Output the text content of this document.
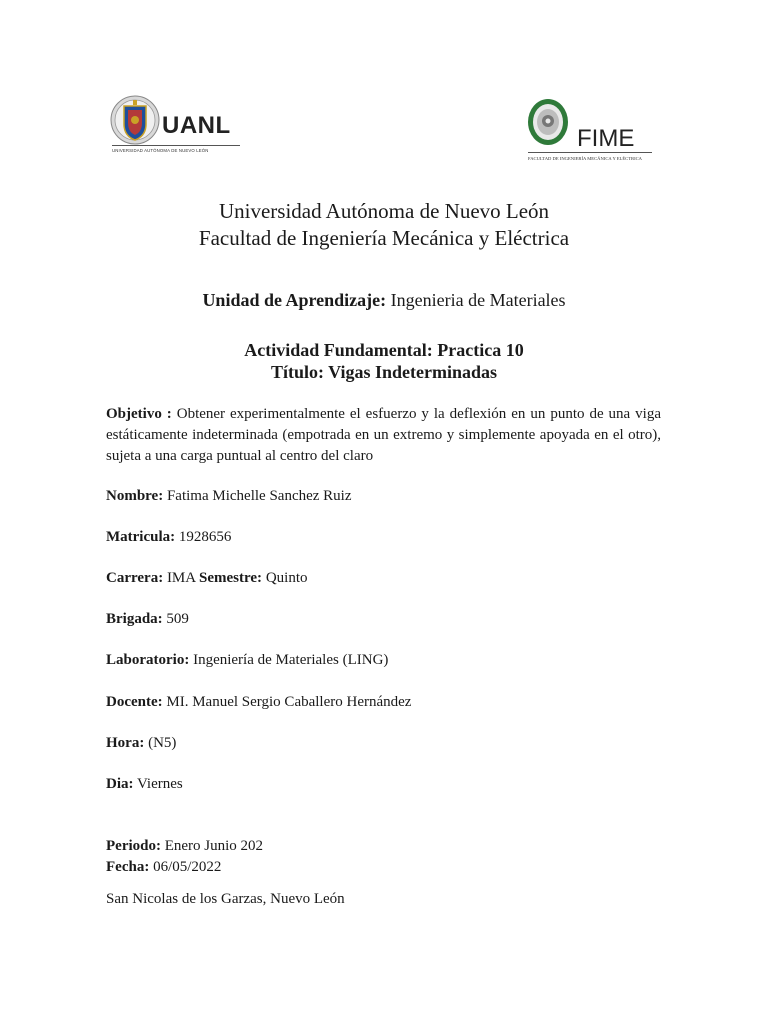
UANL
UNIVERSIDAD AUTÓNOMA DE NUEVO LEÓN	FIME
FACULTAD DE INGENIERÍA MECÁNICA Y ELÉCTRICA
Universidad Autónoma de Nuevo León
Facultad de Ingeniería Mecánica y Eléctrica
Unidad de Aprendizaje: Ingenieria de Materiales
Actividad Fundamental: Practica 10
Título: Vigas Indeterminadas
Objetivo : Obtener experimentalmente el esfuerzo y la deflexión en un punto de una viga estáticamente indeterminada (empotrada en un extremo y simplemente apoyada en el otro), sujeta a una carga puntual al centro del claro
Nombre: Fatima Michelle Sanchez Ruiz
Matricula: 1928656
Carrera: IMA Semestre: Quinto
Brigada: 509
Laboratorio: Ingeniería de Materiales (LING)
Docente: MI. Manuel Sergio Caballero Hernández
Hora: (N5)
Dia: Viernes
Periodo: Enero Junio 202
Fecha: 06/05/2022
San Nicolas de los Garzas, Nuevo León
